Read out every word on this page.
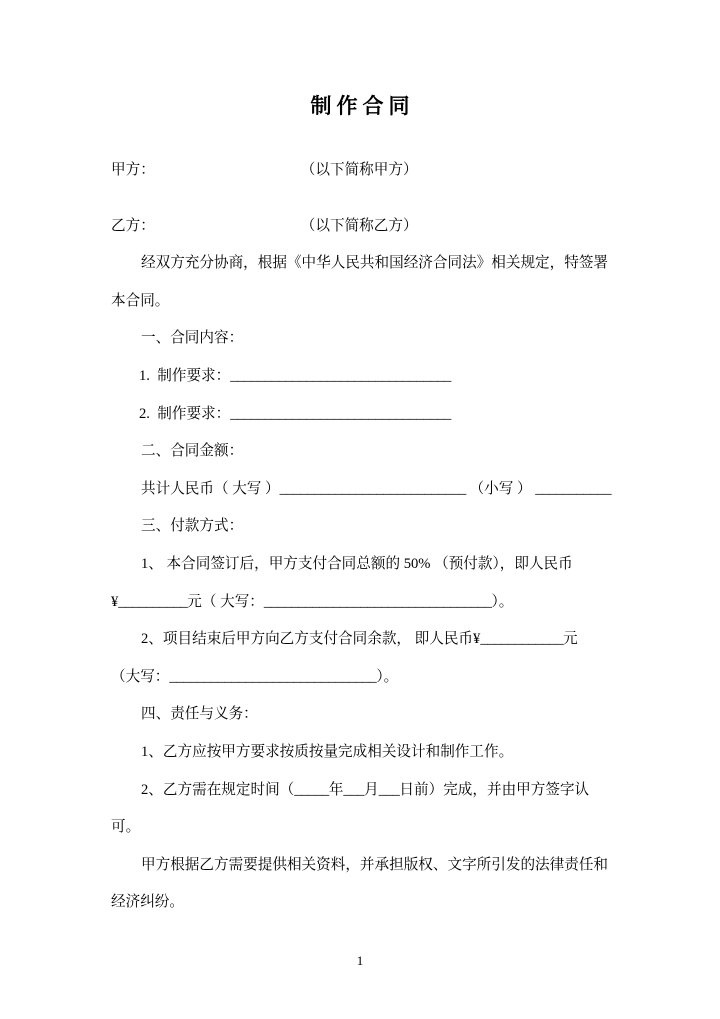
制作合同
甲方：	（以下简称甲方）
乙方：	（以下简称乙方）
经双方充分协商，根据《中华人民共和国经济合同法》相关规定，特签署本合同。
一、合同内容：
1. 制作要求：________________________________
2. 制作要求：________________________________
二、合同金额：
共计人民币（ 大写 ）___________________________ （小写 ） ___________
三、付款方式：
1、 本合同签订后，甲方支付合同总额的 50% （预付款），即人民币
¥__________元（ 大写：_________________________________）。
2、项目结束后甲方向乙方支付合同余款， 即人民币¥____________元
（大写：______________________________）。
四、责任与义务：
1、乙方应按甲方要求按质按量完成相关设计和制作工作。
2、乙方需在规定时间（_____年___月___日前）完成，并由甲方签字认可。
甲方根据乙方需要提供相关资料，并承担版权、文字所引发的法律责任和经济纠纷。
1
